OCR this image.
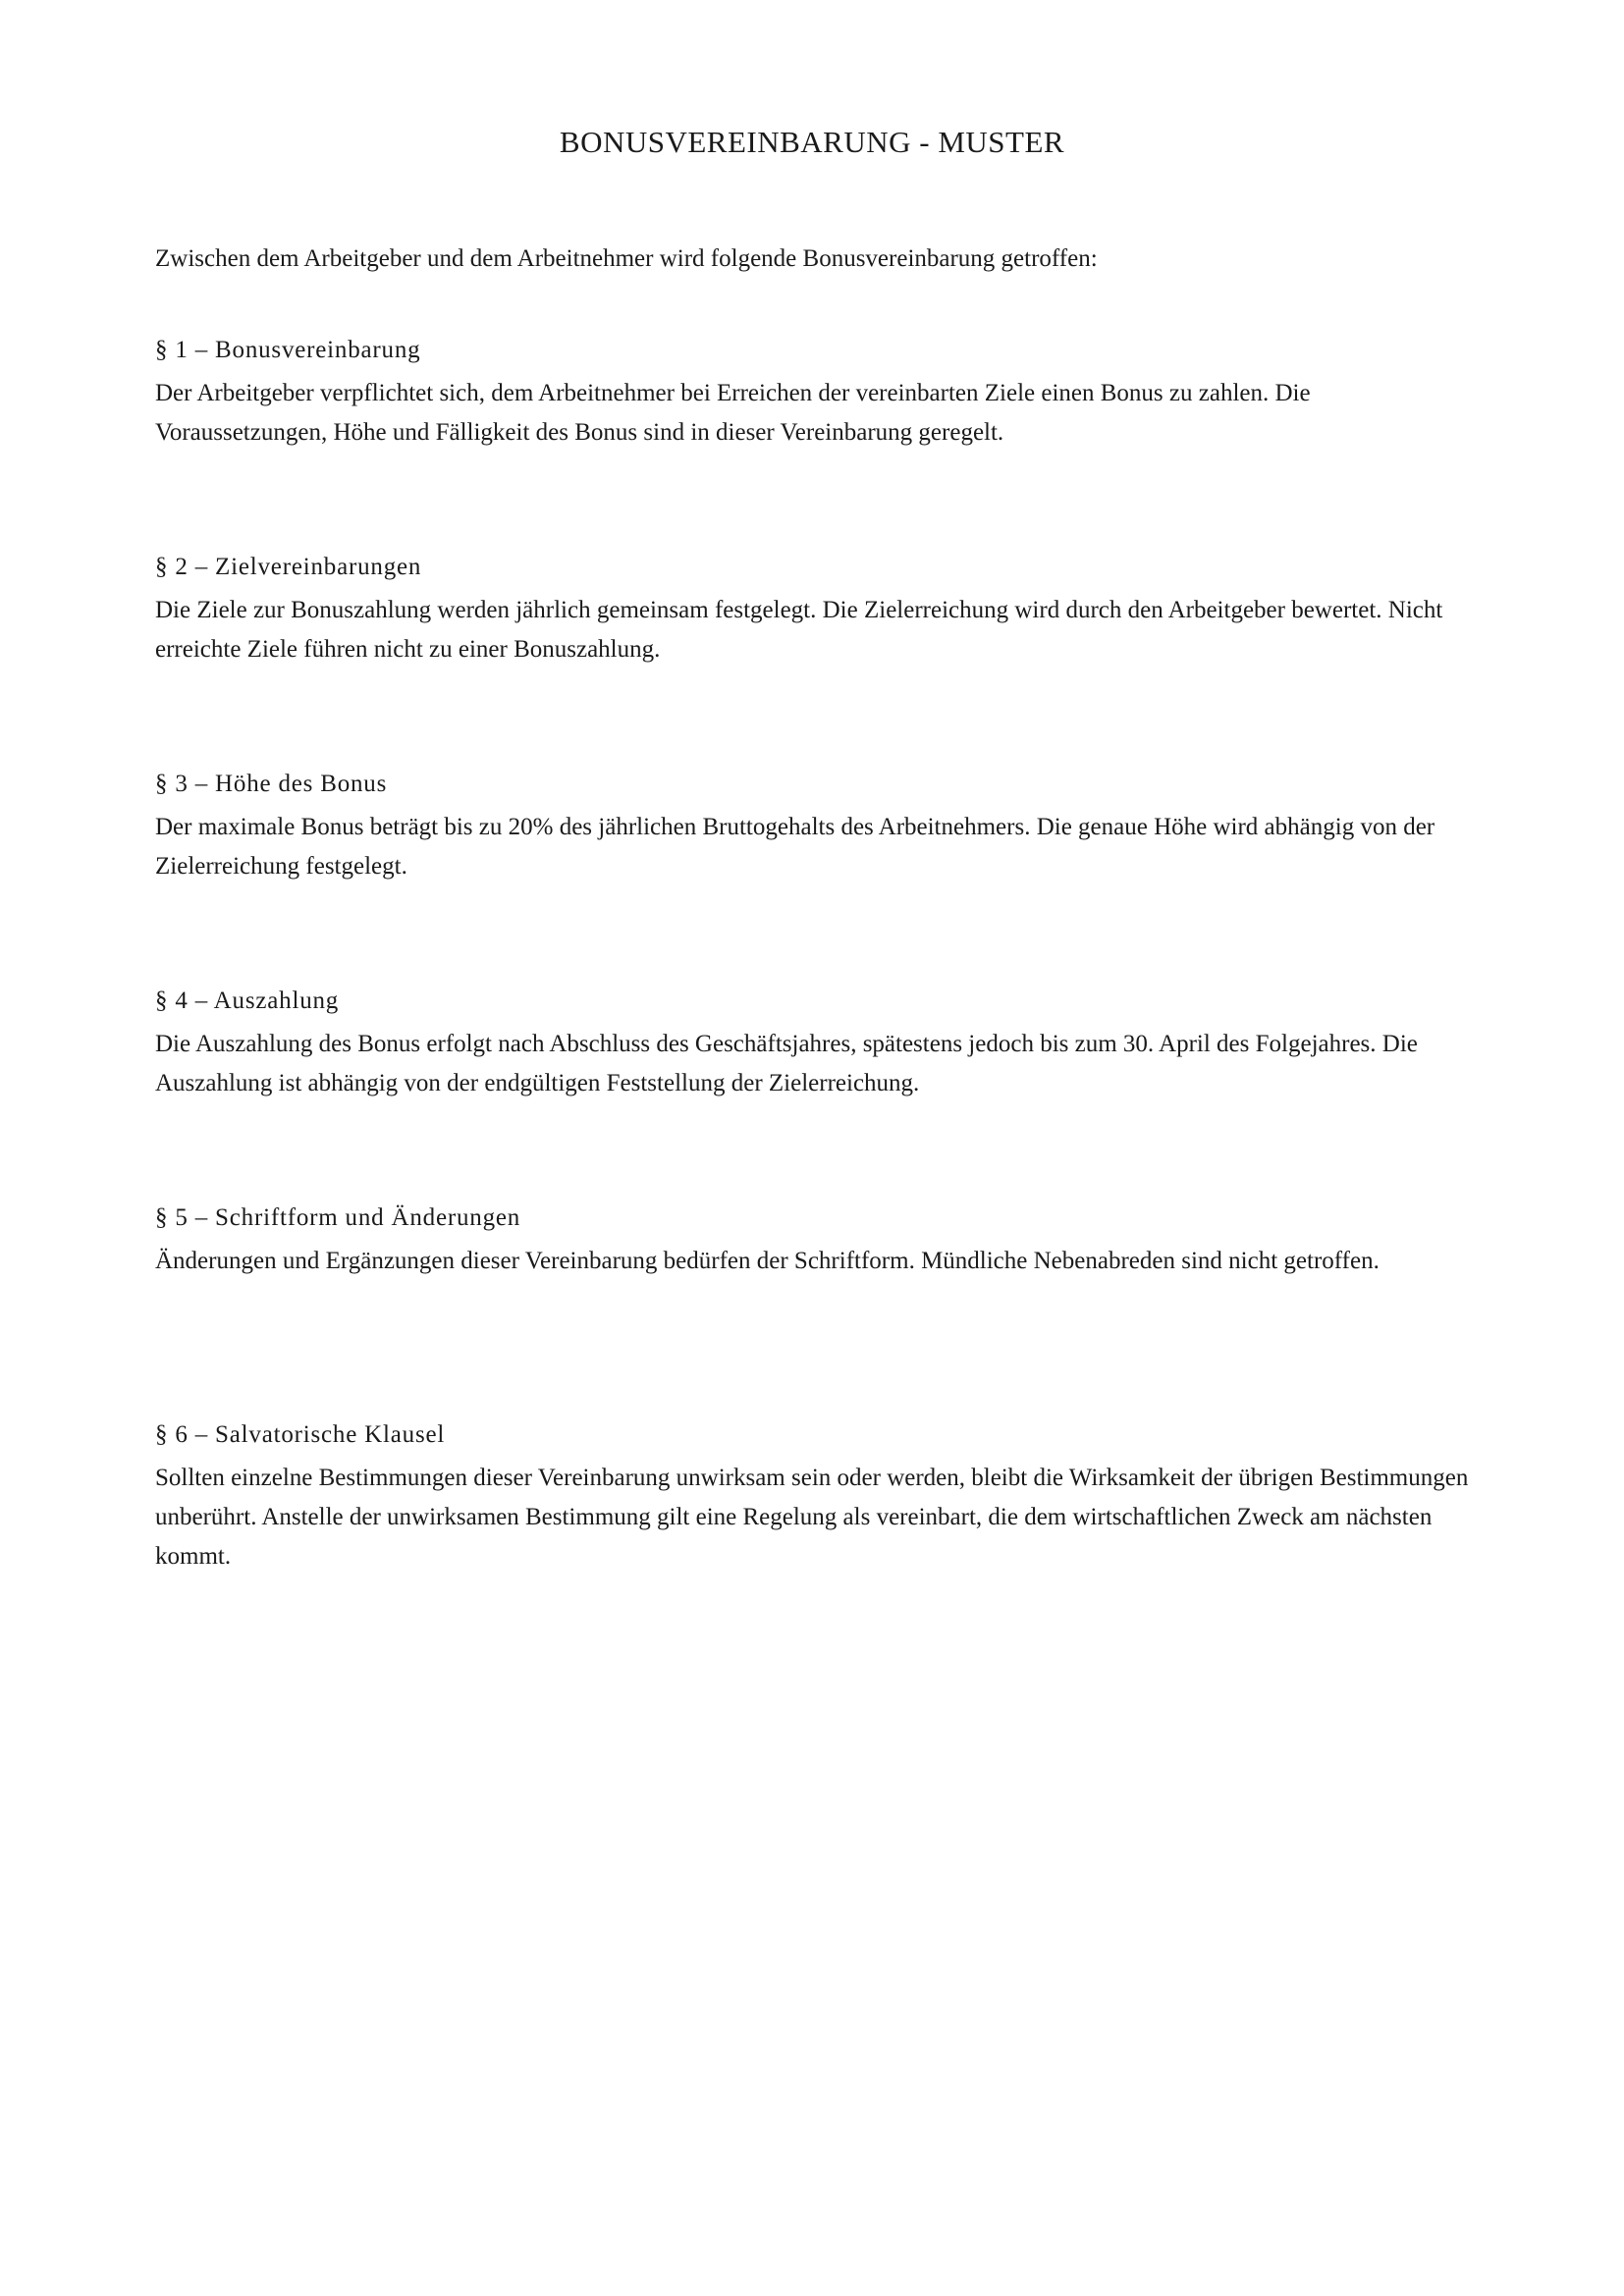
BONUSVEREINBARUNG - MUSTER

Zwischen dem Arbeitgeber und dem Arbeitnehmer wird folgende Bonusvereinbarung getroffen:

§ 1 – Bonusvereinbarung

Der Arbeitgeber verpflichtet sich, dem Arbeitnehmer bei Erreichen der vereinbarten Ziele einen Bonus zu zahlen. Die Voraussetzungen, Höhe und Fälligkeit des Bonus sind in dieser Vereinbarung geregelt.

§ 2 – Zielvereinbarungen

Die Ziele zur Bonuszahlung werden jährlich gemeinsam festgelegt. Die Zielerreichung wird durch den Arbeitgeber bewertet. Nicht erreichte Ziele führen nicht zu einer Bonuszahlung.

§ 3 – Höhe des Bonus

Der maximale Bonus beträgt bis zu 20% des jährlichen Bruttogehalts des Arbeitnehmers. Die genaue Höhe wird abhängig von der Zielerreichung festgelegt.

§ 4 – Auszahlung

Die Auszahlung des Bonus erfolgt nach Abschluss des Geschäftsjahres, spätestens jedoch bis zum 30. April des Folgejahres. Die Auszahlung ist abhängig von der endgültigen Feststellung der Zielerreichung.

§ 5 – Schriftform und Änderungen

Änderungen und Ergänzungen dieser Vereinbarung bedürfen der Schriftform. Mündliche Nebenabreden sind nicht getroffen.

§ 6 – Salvatorische Klausel

Sollten einzelne Bestimmungen dieser Vereinbarung unwirksam sein oder werden, bleibt die Wirksamkeit der übrigen Bestimmungen unberührt. Anstelle der unwirksamen Bestimmung gilt eine Regelung als vereinbart, die dem wirtschaftlichen Zweck am nächsten kommt.
